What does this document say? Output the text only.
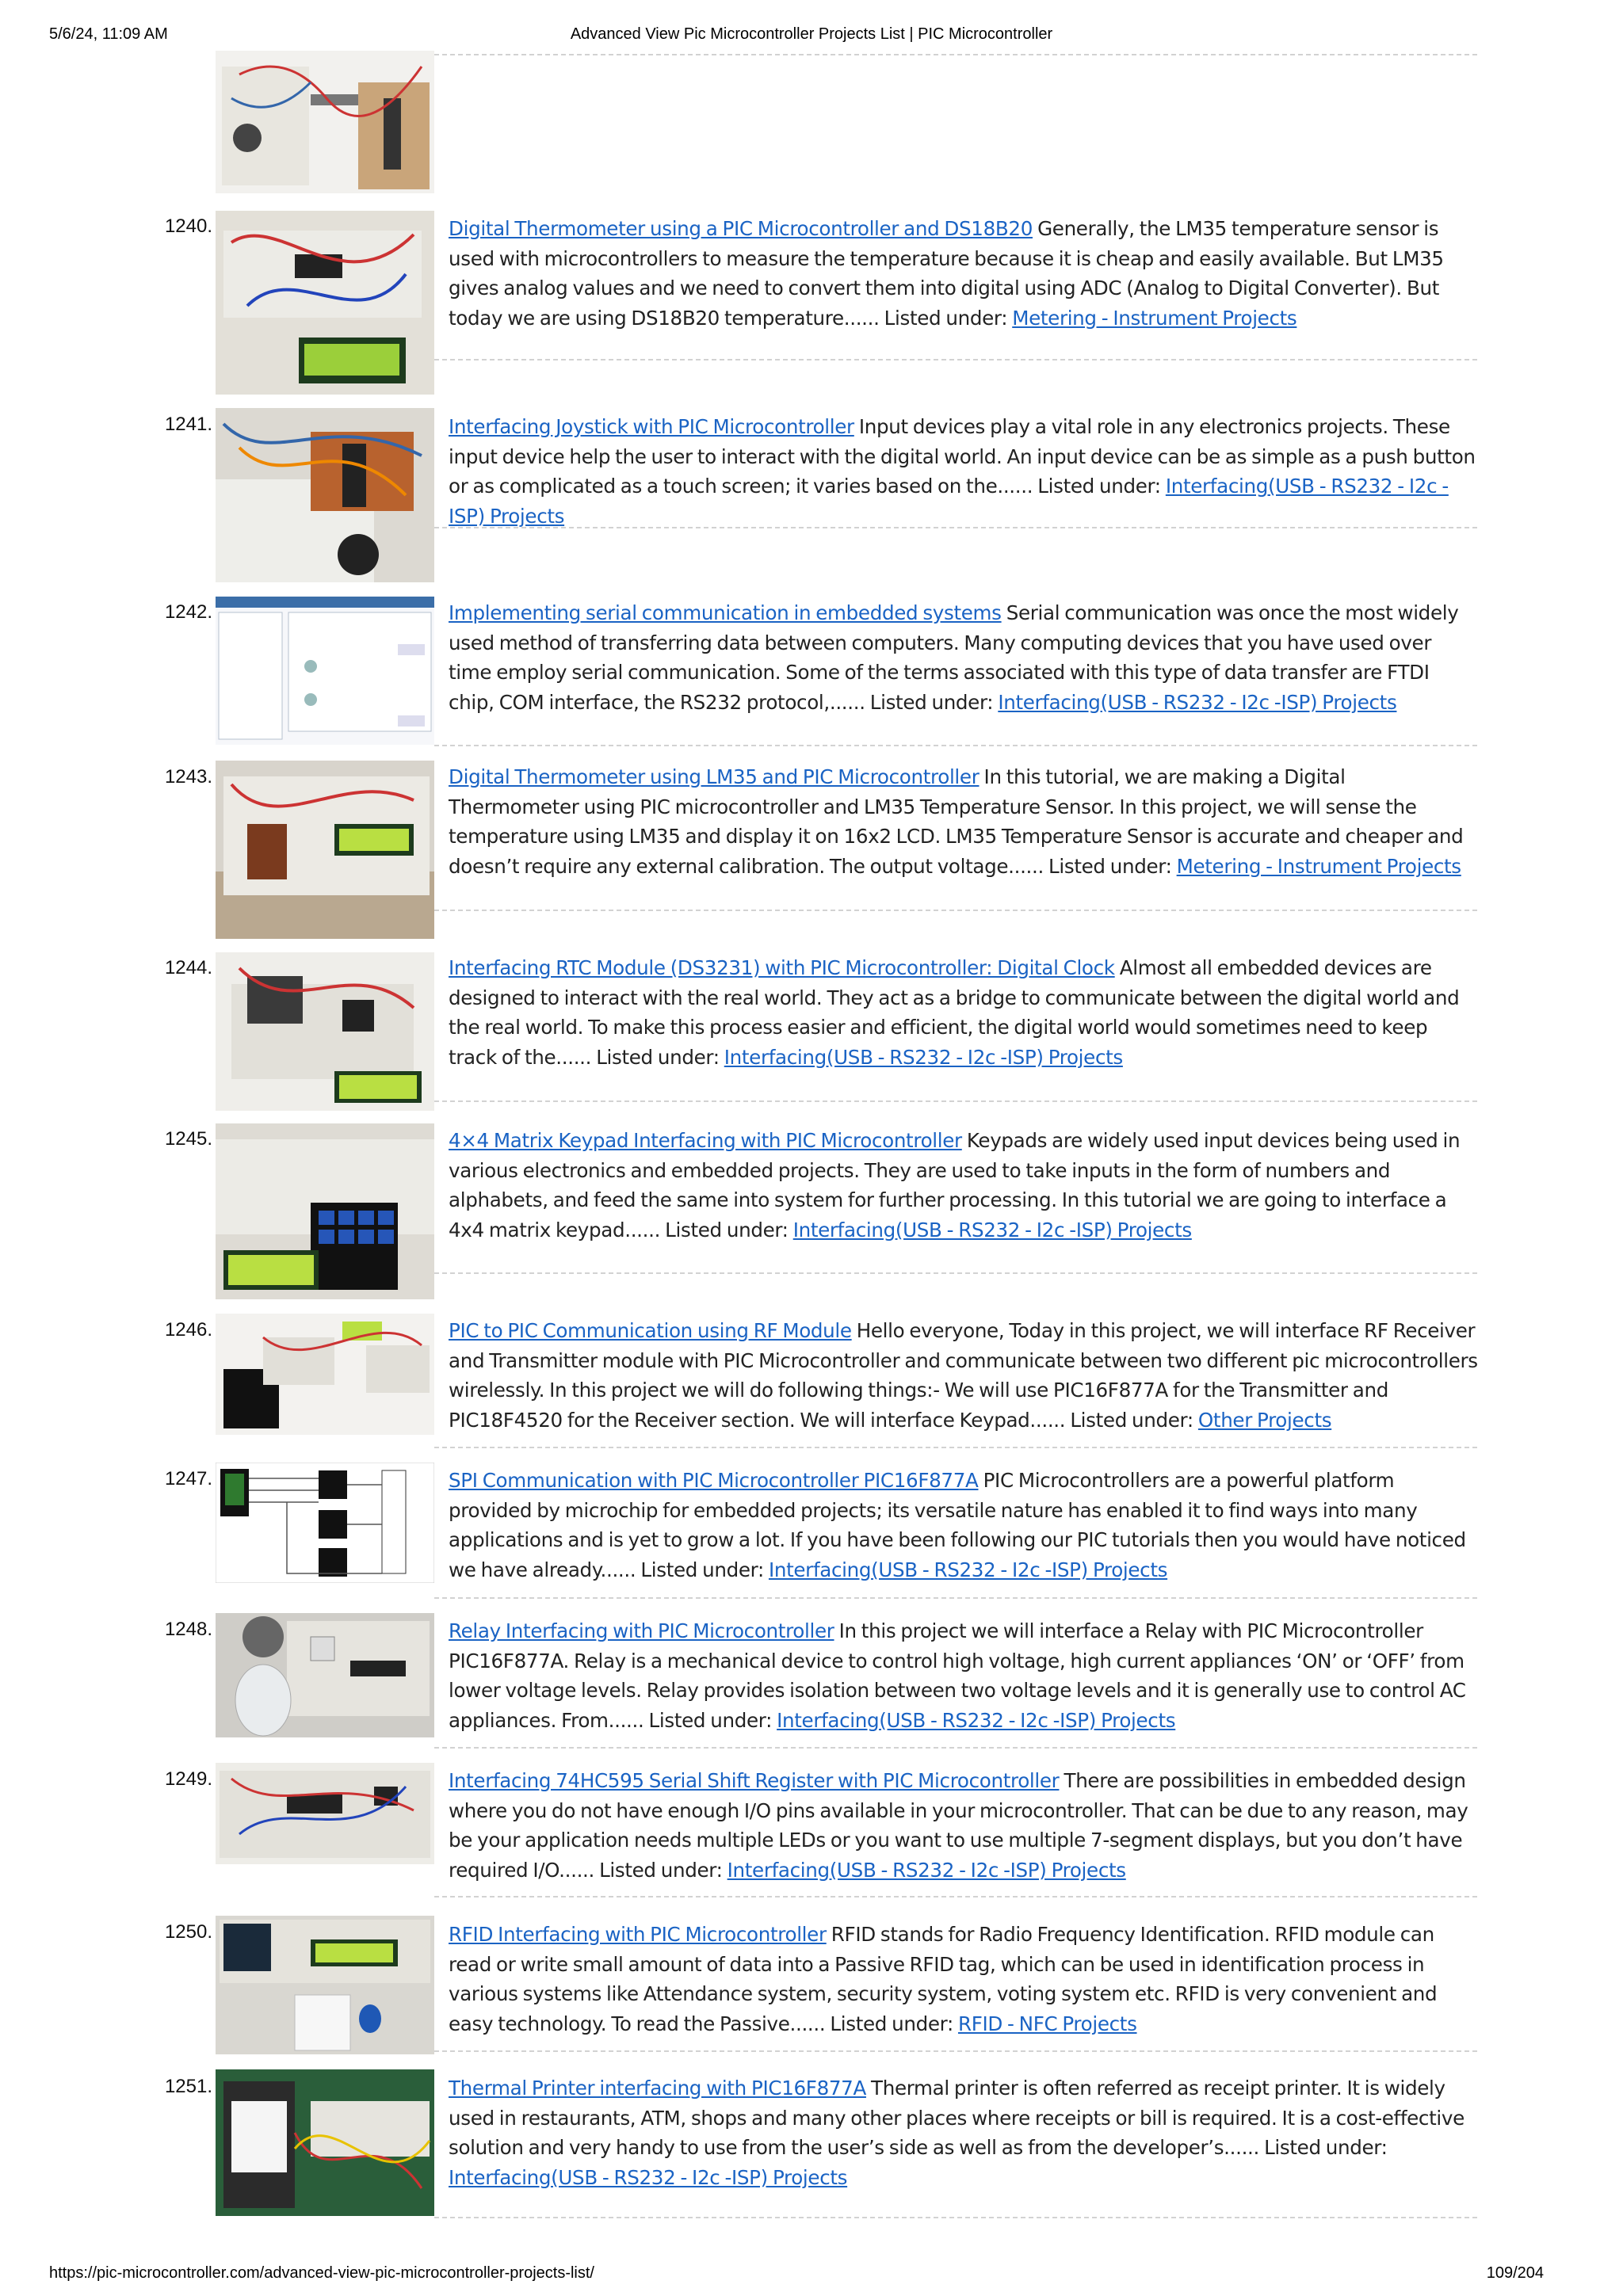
5/6/24, 11:09 AM	Advanced View Pic Microcontroller Projects List | PIC Microcontroller
1240.	Digital Thermometer using a PIC Microcontroller and DS18B20 Generally, the LM35 temperature sensor is used with microcontrollers to measure the temperature because it is cheap and easily available. But LM35 gives analog values and we need to convert them into digital using ADC (Analog to Digital Converter). But today we are using DS18B20 temperature...... Listed under: Metering - Instrument Projects
1241.	Interfacing Joystick with PIC Microcontroller Input devices play a vital role in any electronics projects. These input device help the user to interact with the digital world. An input device can be as simple as a push button or as complicated as a touch screen; it varies based on the...... Listed under: Interfacing(USB - RS232 - I2c -ISP) Projects
1242.	Implementing serial communication in embedded systems Serial communication was once the most widely used method of transferring data between computers. Many computing devices that you have used over time employ serial communication. Some of the terms associated with this type of data transfer are FTDI chip, COM interface, the RS232 protocol,...... Listed under: Interfacing(USB - RS232 - I2c -ISP) Projects
1243.	Digital Thermometer using LM35 and PIC Microcontroller In this tutorial, we are making a Digital Thermometer using PIC microcontroller and LM35 Temperature Sensor. In this project, we will sense the temperature using LM35 and display it on 16x2 LCD. LM35 Temperature Sensor is accurate and cheaper and doesn’t require any external calibration. The output voltage...... Listed under: Metering - Instrument Projects
1244.	Interfacing RTC Module (DS3231) with PIC Microcontroller: Digital Clock Almost all embedded devices are designed to interact with the real world. They act as a bridge to communicate between the digital world and the real world. To make this process easier and efficient, the digital world would sometimes need to keep track of the...... Listed under: Interfacing(USB - RS232 - I2c -ISP) Projects
1245.	4×4 Matrix Keypad Interfacing with PIC Microcontroller Keypads are widely used input devices being used in various electronics and embedded projects. They are used to take inputs in the form of numbers and alphabets, and feed the same into system for further processing. In this tutorial we are going to interface a 4x4 matrix keypad...... Listed under: Interfacing(USB - RS232 - I2c -ISP) Projects
1246.	PIC to PIC Communication using RF Module Hello everyone, Today in this project, we will interface RF Receiver and Transmitter module with PIC Microcontroller and communicate between two different pic microcontrollers wirelessly. In this project we will do following things:- We will use PIC16F877A for the Transmitter and PIC18F4520 for the Receiver section. We will interface Keypad...... Listed under: Other Projects
1247.	SPI Communication with PIC Microcontroller PIC16F877A PIC Microcontrollers are a powerful platform provided by microchip for embedded projects; its versatile nature has enabled it to find ways into many applications and is yet to grow a lot. If you have been following our PIC tutorials then you would have noticed we have already...... Listed under: Interfacing(USB - RS232 - I2c -ISP) Projects
1248.	Relay Interfacing with PIC Microcontroller In this project we will interface a Relay with PIC Microcontroller PIC16F877A. Relay is a mechanical device to control high voltage, high current appliances ‘ON’ or ‘OFF’ from lower voltage levels. Relay provides isolation between two voltage levels and it is generally use to control AC appliances. From...... Listed under: Interfacing(USB - RS232 - I2c -ISP) Projects
1249.	Interfacing 74HC595 Serial Shift Register with PIC Microcontroller There are possibilities in embedded design where you do not have enough I/O pins available in your microcontroller. That can be due to any reason, may be your application needs multiple LEDs or you want to use multiple 7-segment displays, but you don’t have required I/O...... Listed under: Interfacing(USB - RS232 - I2c -ISP) Projects
1250.	RFID Interfacing with PIC Microcontroller RFID stands for Radio Frequency Identification. RFID module can read or write small amount of data into a Passive RFID tag, which can be used in identification process in various systems like Attendance system, security system, voting system etc. RFID is very convenient and easy technology. To read the Passive...... Listed under: RFID - NFC Projects
1251.	Thermal Printer interfacing with PIC16F877A Thermal printer is often referred as receipt printer. It is widely used in restaurants, ATM, shops and many other places where receipts or bill is required. It is a cost-effective solution and very handy to use from the user’s side as well as from the developer’s...... Listed under: Interfacing(USB - RS232 - I2c -ISP) Projects
https://pic-microcontroller.com/advanced-view-pic-microcontroller-projects-list/	109/204
